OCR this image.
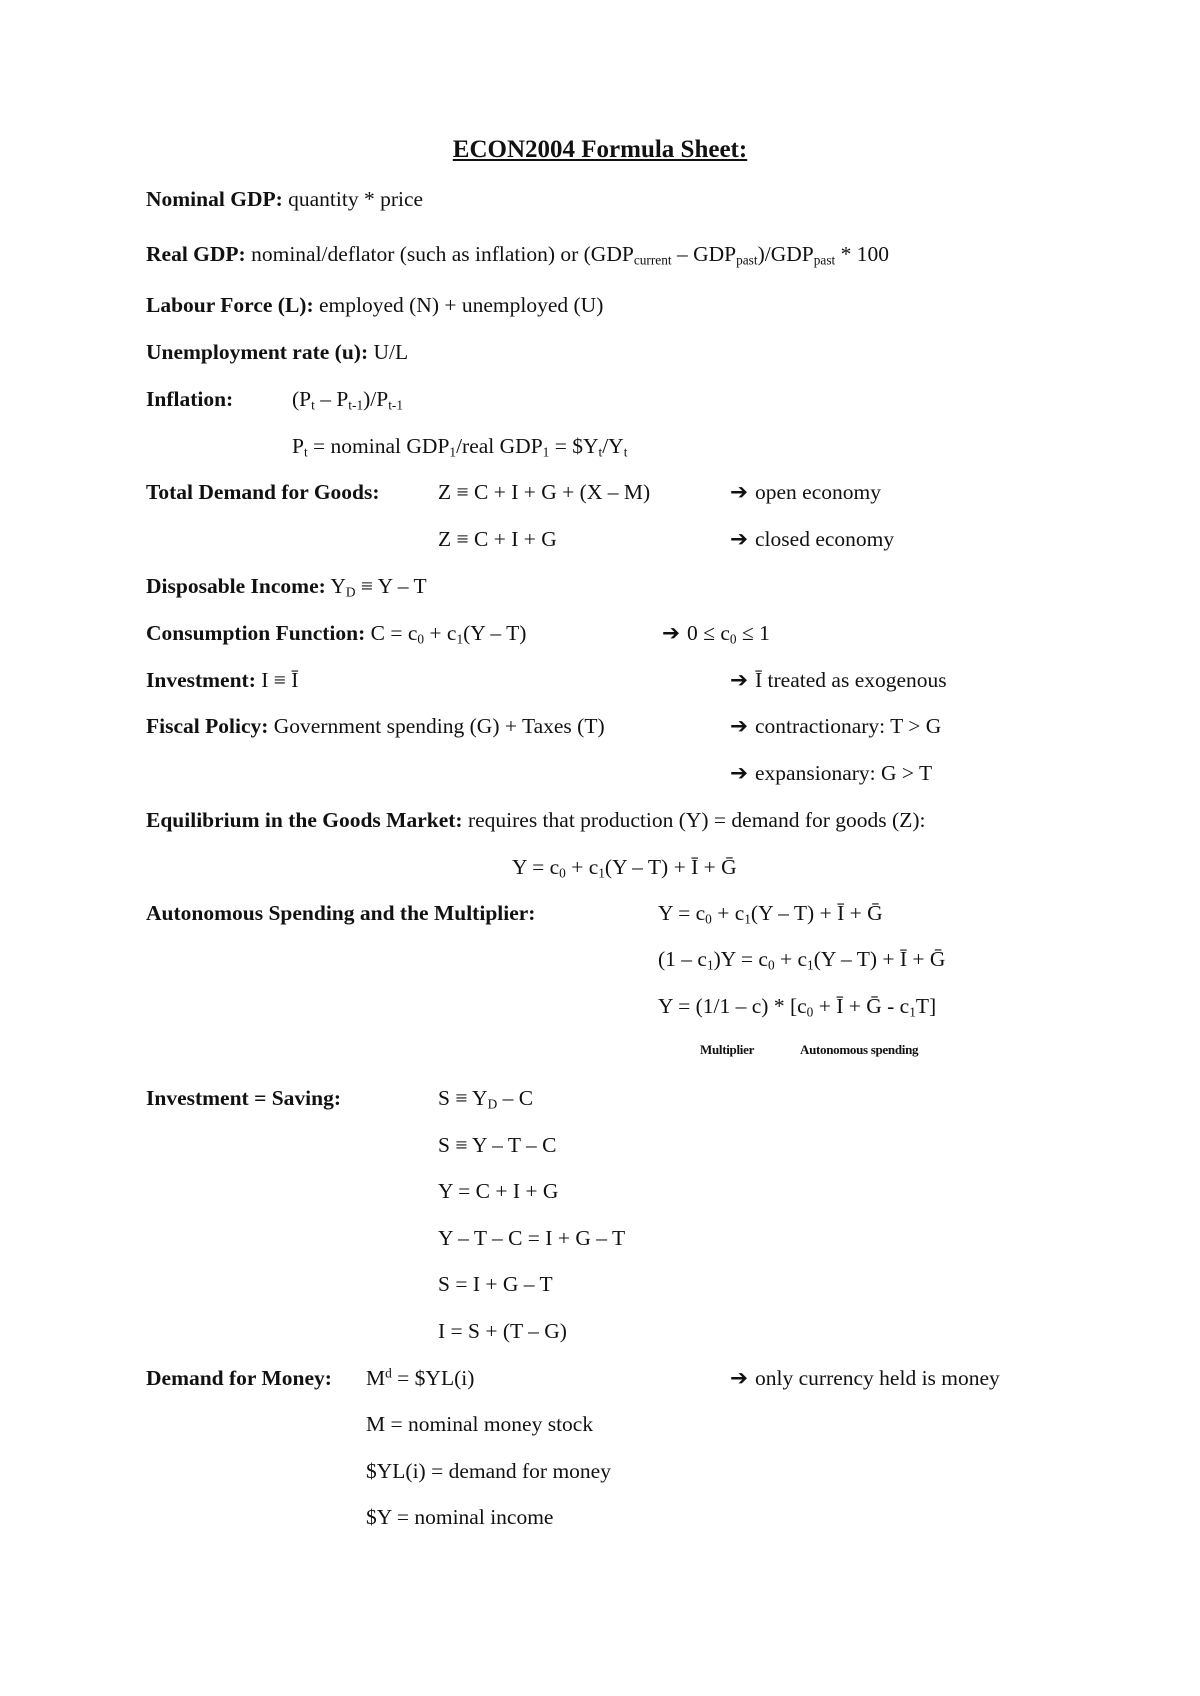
ECON2004 Formula Sheet:
Nominal GDP: quantity * price
Real GDP: nominal/deflator (such as inflation) or $(GDP_{current} - GDP_{past})/GDP_{past} * 100$
Labour Force (L): employed (N) + unemployed (U)
Unemployment rate (u): U/L
Inflation:	$(P_t - P_{t-1})/P_{t-1}$
$P_t$ = nominal $GDP_1$/real $GDP_1$ = $\$Y_t/Y_t$
Total Demand for Goods:	Z ≡ C + I + G + (X – M)	➔ open economy
Z ≡ C + I + G	➔ closed economy
Disposable Income: $Y_D \equiv Y - T$
Consumption Function: $C = c_0 + c_1(Y - T)$	➔ $0 \le c_0 \le 1$
Investment: I ≡ Ī	➔ Ī treated as exogenous
Fiscal Policy: Government spending (G) + Taxes (T)	➔ contractionary: T > G
➔ expansionary: G > T
Equilibrium in the Goods Market: requires that production (Y) = demand for goods (Z):
$Y = c_0 + c_1(Y - T)$ + Ī + Ḡ
Autonomous Spending and the Multiplier:	$Y = c_0 + c_1(Y - T)$ + Ī + Ḡ
$(1 - c_1)Y = c_0 + c_1(Y - T)$ + Ī + Ḡ
$Y = (1/1 - c) * [c_0$ + Ī + Ḡ - $c_1T$]
Multiplier	Autonomous spending
Investment = Saving:	$S \equiv Y_D - C$
S ≡ Y – T – C
Y = C + I + G
Y – T – C = I + G – T
S = I + G – T
I = S + (T – G)
Demand for Money: $M^d$ = $YL(i)	➔ only currency held is money
M = nominal money stock
$YL(i) = demand for money
$Y = nominal income
